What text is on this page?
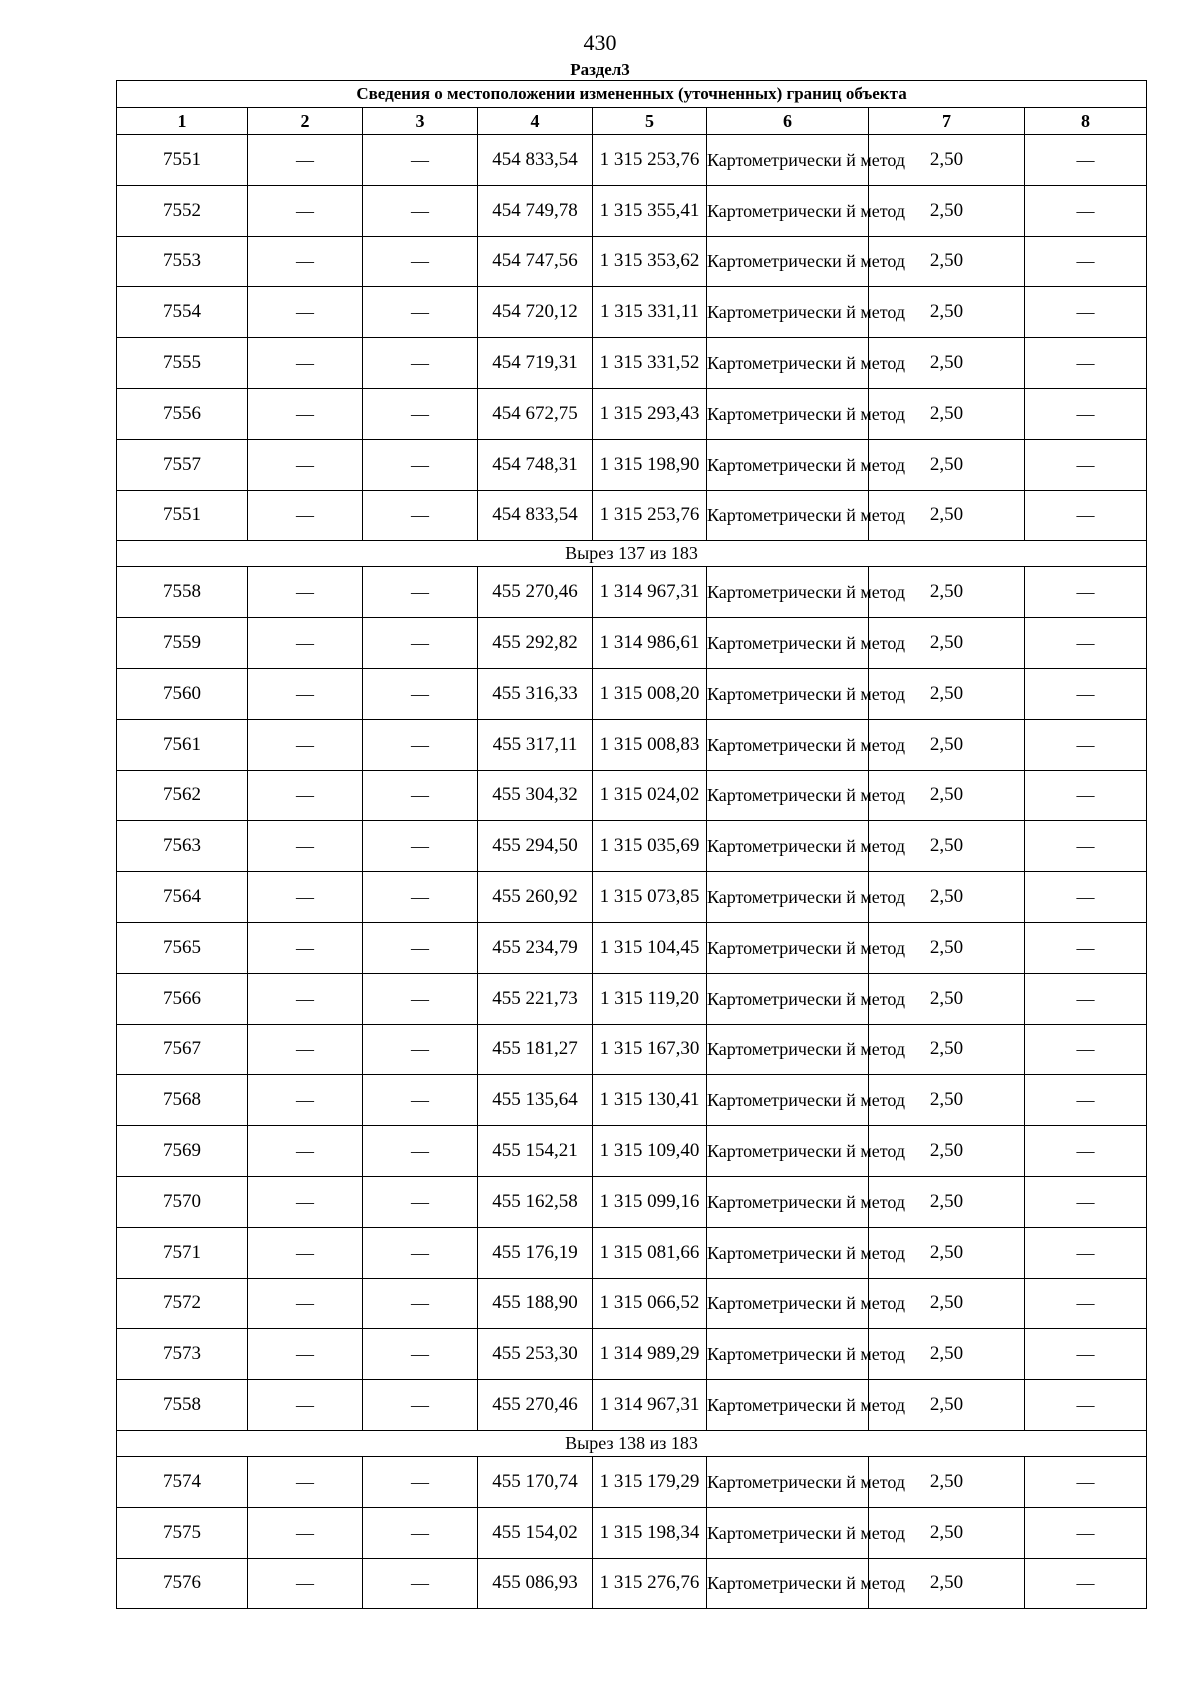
430
Раздел3
Сведения о местоположении измененных (уточненных) границ объекта							
1	2	3	4	5	6	7	8
7551	—	—	454 833,54	1 315 253,76	Картометрически й метод	2,50	—
7552	—	—	454 749,78	1 315 355,41	Картометрически й метод	2,50	—
7553	—	—	454 747,56	1 315 353,62	Картометрически й метод	2,50	—
7554	—	—	454 720,12	1 315 331,11	Картометрически й метод	2,50	—
7555	—	—	454 719,31	1 315 331,52	Картометрически й метод	2,50	—
7556	—	—	454 672,75	1 315 293,43	Картометрически й метод	2,50	—
7557	—	—	454 748,31	1 315 198,90	Картометрически й метод	2,50	—
7551	—	—	454 833,54	1 315 253,76	Картометрически й метод	2,50	—
Вырез 137 из 183							
7558	—	—	455 270,46	1 314 967,31	Картометрически й метод	2,50	—
7559	—	—	455 292,82	1 314 986,61	Картометрически й метод	2,50	—
7560	—	—	455 316,33	1 315 008,20	Картометрически й метод	2,50	—
7561	—	—	455 317,11	1 315 008,83	Картометрически й метод	2,50	—
7562	—	—	455 304,32	1 315 024,02	Картометрически й метод	2,50	—
7563	—	—	455 294,50	1 315 035,69	Картометрически й метод	2,50	—
7564	—	—	455 260,92	1 315 073,85	Картометрически й метод	2,50	—
7565	—	—	455 234,79	1 315 104,45	Картометрически й метод	2,50	—
7566	—	—	455 221,73	1 315 119,20	Картометрически й метод	2,50	—
7567	—	—	455 181,27	1 315 167,30	Картометрически й метод	2,50	—
7568	—	—	455 135,64	1 315 130,41	Картометрически й метод	2,50	—
7569	—	—	455 154,21	1 315 109,40	Картометрически й метод	2,50	—
7570	—	—	455 162,58	1 315 099,16	Картометрически й метод	2,50	—
7571	—	—	455 176,19	1 315 081,66	Картометрически й метод	2,50	—
7572	—	—	455 188,90	1 315 066,52	Картометрически й метод	2,50	—
7573	—	—	455 253,30	1 314 989,29	Картометрически й метод	2,50	—
7558	—	—	455 270,46	1 314 967,31	Картометрически й метод	2,50	—
Вырез 138 из 183							
7574	—	—	455 170,74	1 315 179,29	Картометрически й метод	2,50	—
7575	—	—	455 154,02	1 315 198,34	Картометрически й метод	2,50	—
7576	—	—	455 086,93	1 315 276,76	Картометрически й метод	2,50	—
